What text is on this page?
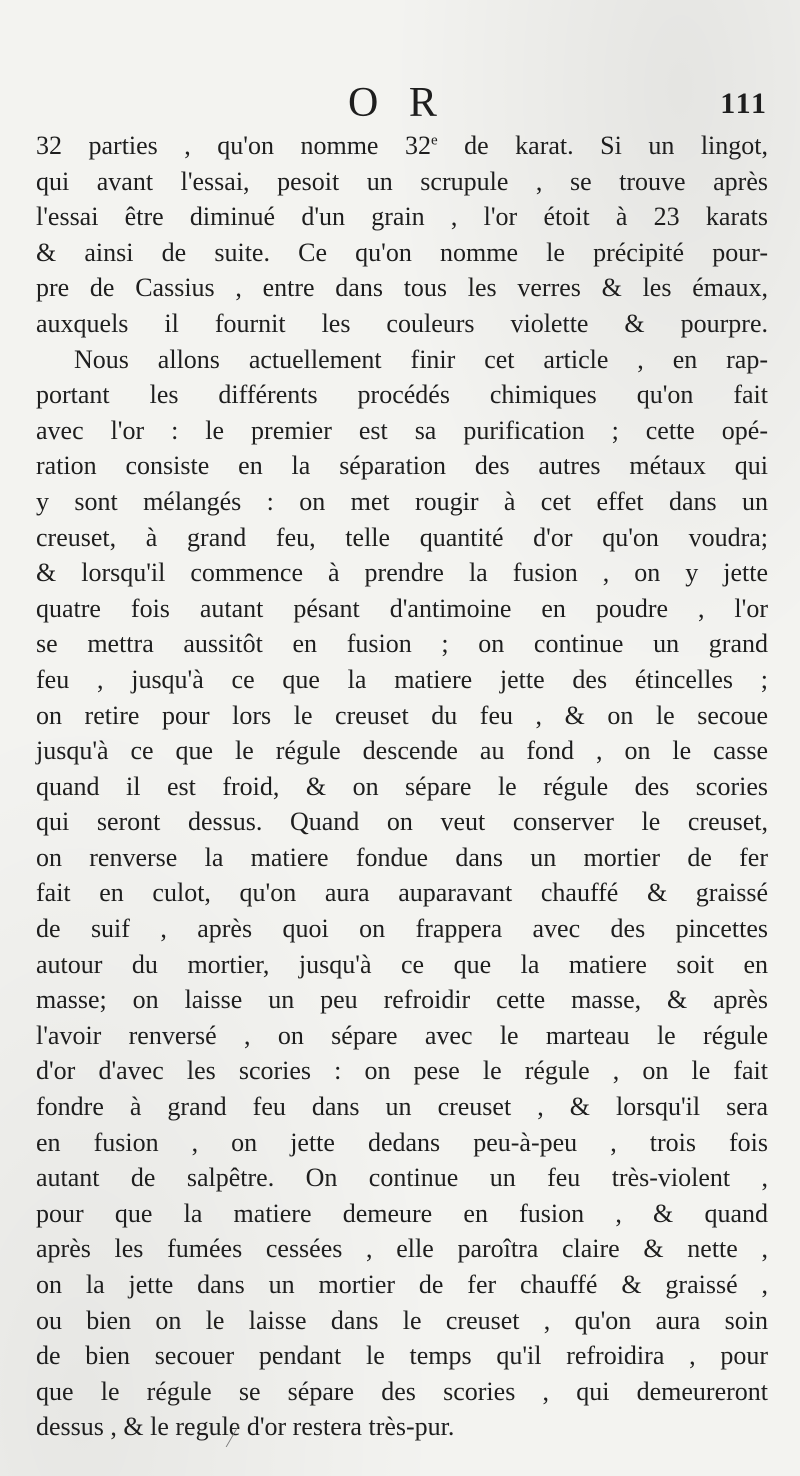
O R	111
32 parties , qu'on nomme 32e de karat. Si un lingot,
qui avant l'essai, pesoit un scrupule , se trouve après
l'essai être diminué d'un grain , l'or étoit à 23 karats
& ainsi de suite. Ce qu'on nomme le précipité pour-
pre de Cassius , entre dans tous les verres & les émaux,
auxquels il fournit les couleurs violette & pourpre.
Nous allons actuellement finir cet article , en rap-
portant les différents procédés chimiques qu'on fait
avec l'or : le premier est sa purification ; cette opé-
ration consiste en la séparation des autres métaux qui
y sont mélangés : on met rougir à cet effet dans un
creuset, à grand feu, telle quantité d'or qu'on voudra;
& lorsqu'il commence à prendre la fusion , on y jette
quatre fois autant pésant d'antimoine en poudre , l'or
se mettra aussitôt en fusion ; on continue un grand
feu , jusqu'à ce que la matiere jette des étincelles ;
on retire pour lors le creuset du feu , & on le secoue
jusqu'à ce que le régule descende au fond , on le casse
quand il est froid, & on sépare le régule des scories
qui seront dessus. Quand on veut conserver le creuset,
on renverse la matiere fondue dans un mortier de fer
fait en culot, qu'on aura auparavant chauffé & graissé
de suif , après quoi on frappera avec des pincettes
autour du mortier, jusqu'à ce que la matiere soit en
masse; on laisse un peu refroidir cette masse, & après
l'avoir renversé , on sépare avec le marteau le régule
d'or d'avec les scories : on pese le régule , on le fait
fondre à grand feu dans un creuset , & lorsqu'il sera
en fusion , on jette dedans peu-à-peu , trois fois
autant de salpêtre. On continue un feu très-violent ,
pour que la matiere demeure en fusion , & quand
après les fumées cessées , elle paroîtra claire & nette ,
on la jette dans un mortier de fer chauffé & graissé ,
ou bien on le laisse dans le creuset , qu'on aura soin
de bien secouer pendant le temps qu'il refroidira , pour
que le régule se sépare des scories , qui demeureront
dessus , & le regule d'or restera très-pur.
